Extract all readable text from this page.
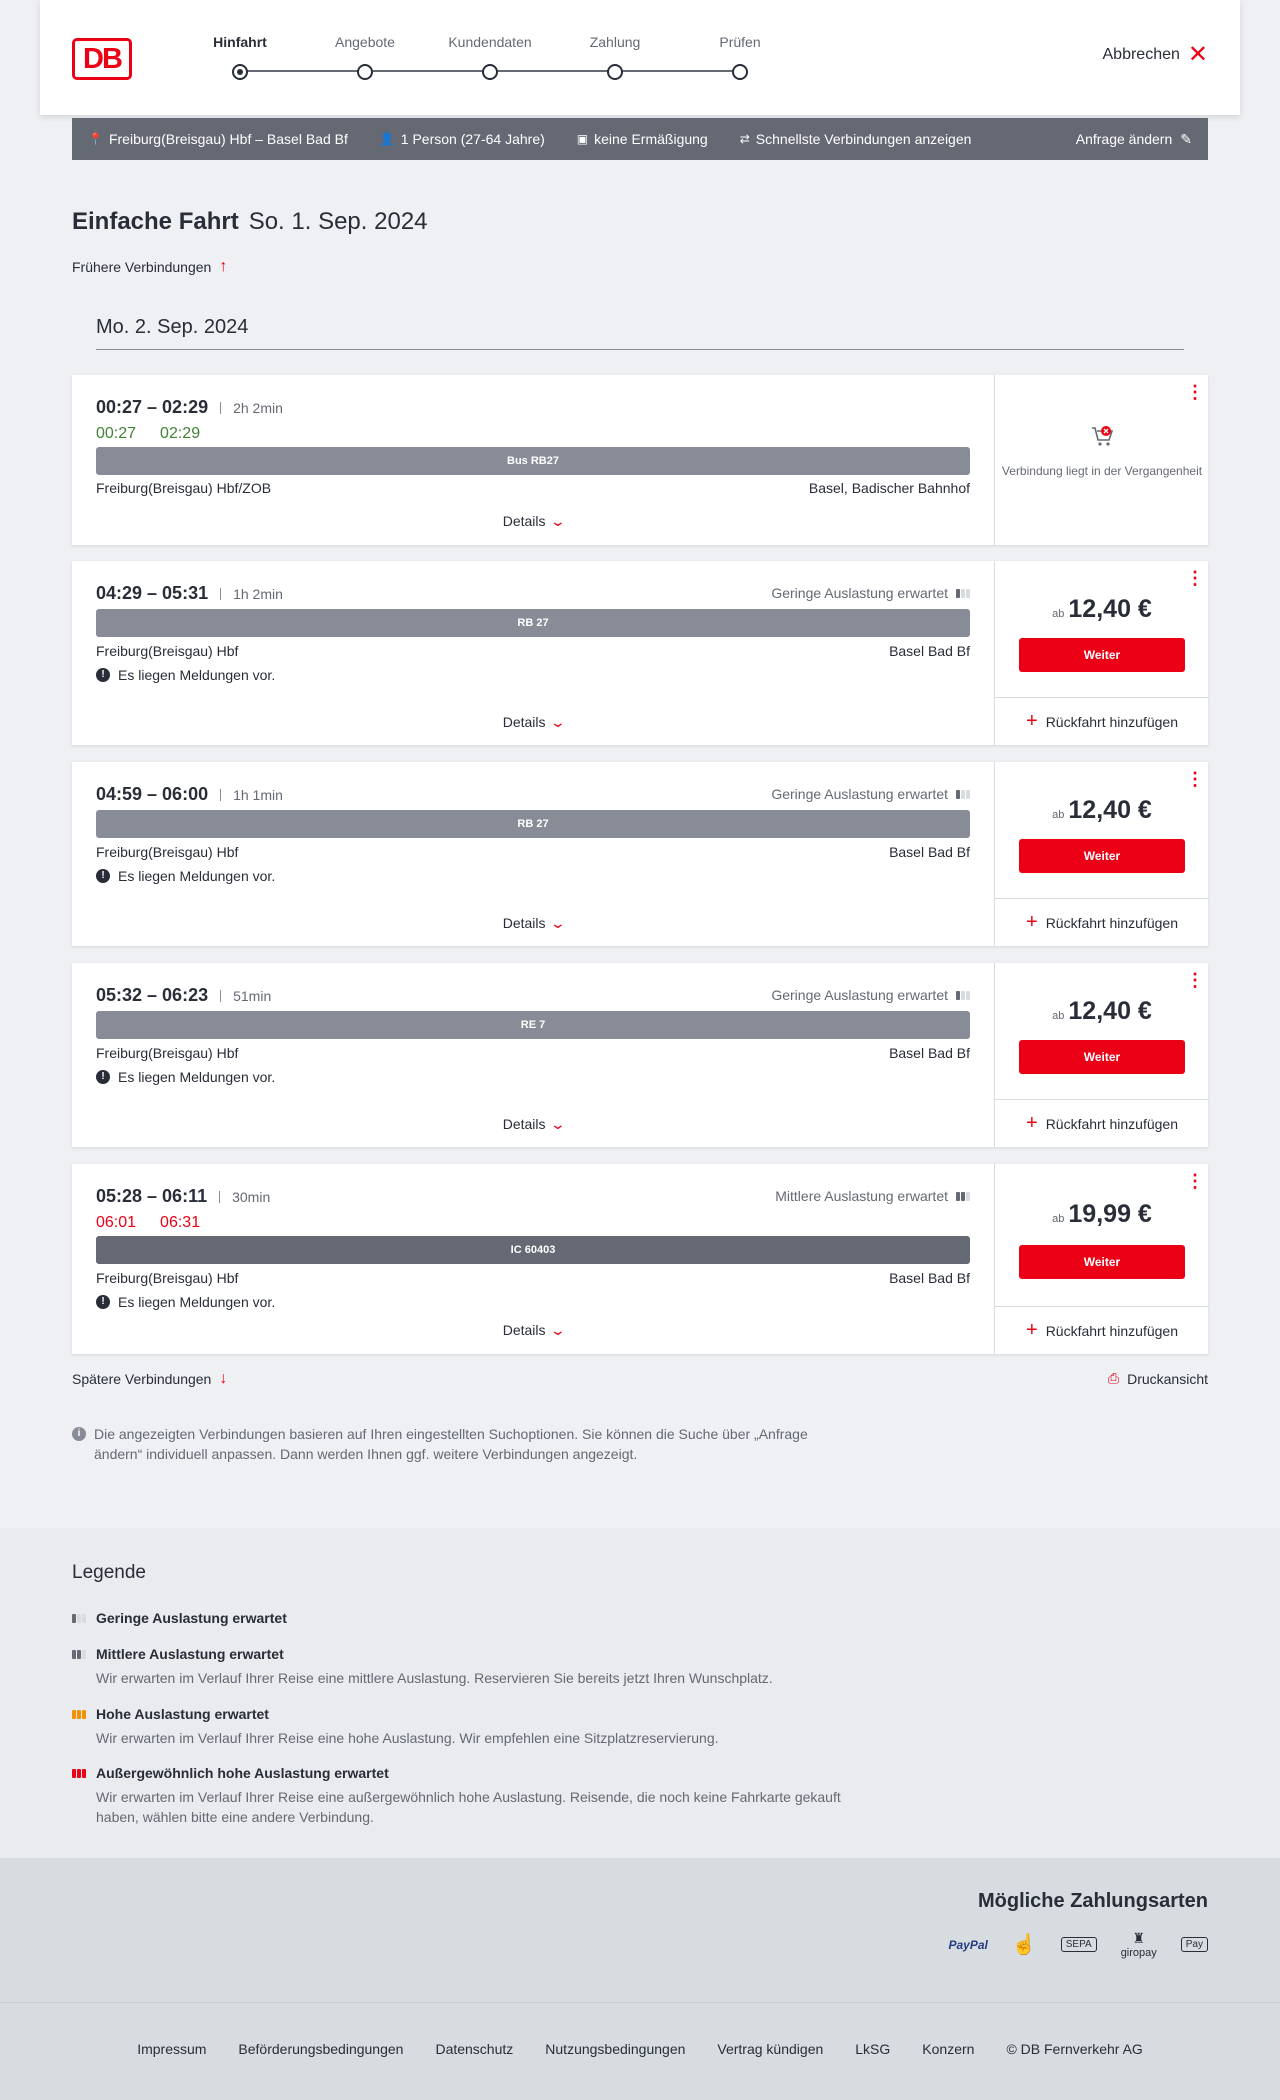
DB
Hinfahrt	Angebote	Kundendaten	Zahlung	Prüfen
Abbrechen ✕
📍 Freiburg(Breisgau) Hbf – Basel Bad Bf	👤 1 Person (27-64 Jahre)	▣ keine Ermäßigung	⇄ Schnellste Verbindungen anzeigen	Anfrage ändern ✎
Einfache Fahrt So. 1. Sep. 2024
Frühere Verbindungen ↑
Mo. 2. Sep. 2024
00:27 – 02:29	2h 2min
00:27 02:29
Bus RB27
Freiburg(Breisgau) Hbf/ZOB	Basel, Badischer Bahnhof
Details ⌄
⋮
Verbindung liegt in der Vergangenheit
04:29 – 05:31	1h 2min	Geringe Auslastung erwartet
RB 27
Freiburg(Breisgau) Hbf	Basel Bad Bf
! Es liegen Meldungen vor.
Details ⌄
⋮
ab 12,40 €
Weiter
+ Rückfahrt hinzufügen
04:59 – 06:00	1h 1min	Geringe Auslastung erwartet
RB 27
Freiburg(Breisgau) Hbf	Basel Bad Bf
! Es liegen Meldungen vor.
Details ⌄
⋮
ab 12,40 €
Weiter
+ Rückfahrt hinzufügen
05:32 – 06:23	51min	Geringe Auslastung erwartet
RE 7
Freiburg(Breisgau) Hbf	Basel Bad Bf
! Es liegen Meldungen vor.
Details ⌄
⋮
ab 12,40 €
Weiter
+ Rückfahrt hinzufügen
05:28 – 06:11	30min
06:01 06:31
Mittlere Auslastung erwartet
IC 60403
Freiburg(Breisgau) Hbf	Basel Bad Bf
! Es liegen Meldungen vor.
Details ⌄
⋮
ab 19,99 €
Weiter
+ Rückfahrt hinzufügen
Spätere Verbindungen ↓	⎙ Druckansicht
i Die angezeigten Verbindungen basieren auf Ihren eingestellten Suchoptionen. Sie können die Suche über „Anfrage ändern“ individuell anpassen. Dann werden Ihnen ggf. weitere Verbindungen angezeigt.
Legende
Geringe Auslastung erwartet
Mittlere Auslastung erwartet
Wir erwarten im Verlauf Ihrer Reise eine mittlere Auslastung. Reservieren Sie bereits jetzt Ihren Wunschplatz.
Hohe Auslastung erwartet
Wir erwarten im Verlauf Ihrer Reise eine hohe Auslastung. Wir empfehlen eine Sitzplatzreservierung.
Außergewöhnlich hohe Auslastung erwartet
Wir erwarten im Verlauf Ihrer Reise eine außergewöhnlich hohe Auslastung. Reisende, die noch keine Fahrkarte gekauft haben, wählen bitte eine andere Verbindung.
Mögliche Zahlungsarten
PayPal ☝	SEPA	♜
giropay
Pay
Impressum Beförderungsbedingungen Datenschutz Nutzungsbedingungen Vertrag kündigen LkSG Konzern © DB Fernverkehr AG
